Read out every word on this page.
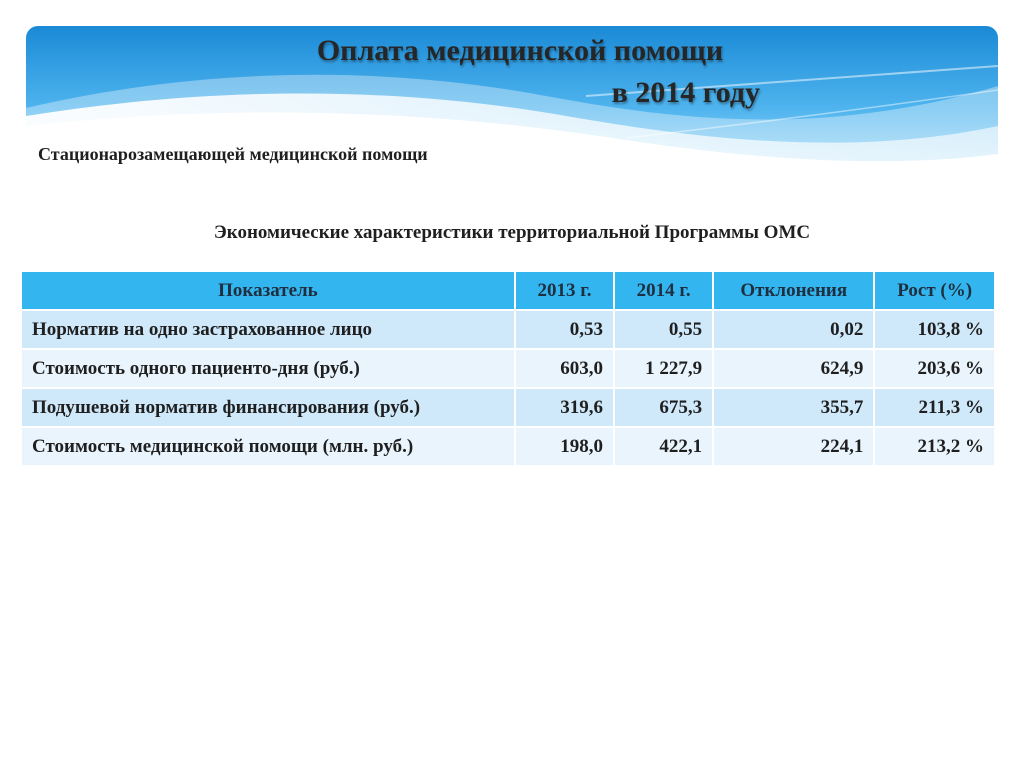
Оплата медицинской помощи
в 2014 году

Стационарозамещающей медицинской помощи

Экономические характеристики территориальной Программы ОМС

Показатель	2013 г.	2014 г.	Отклонения	Рост (%)
Норматив на одно застрахованное лицо	0,53	0,55	0,02	103,8 %
Стоимость одного пациенто-дня (руб.)	603,0	1 227,9	624,9	203,6 %
Подушевой норматив финансирования (руб.)	319,6	675,3	355,7	211,3 %
Стоимость медицинской помощи (млн. руб.)	198,0	422,1	224,1	213,2 %
